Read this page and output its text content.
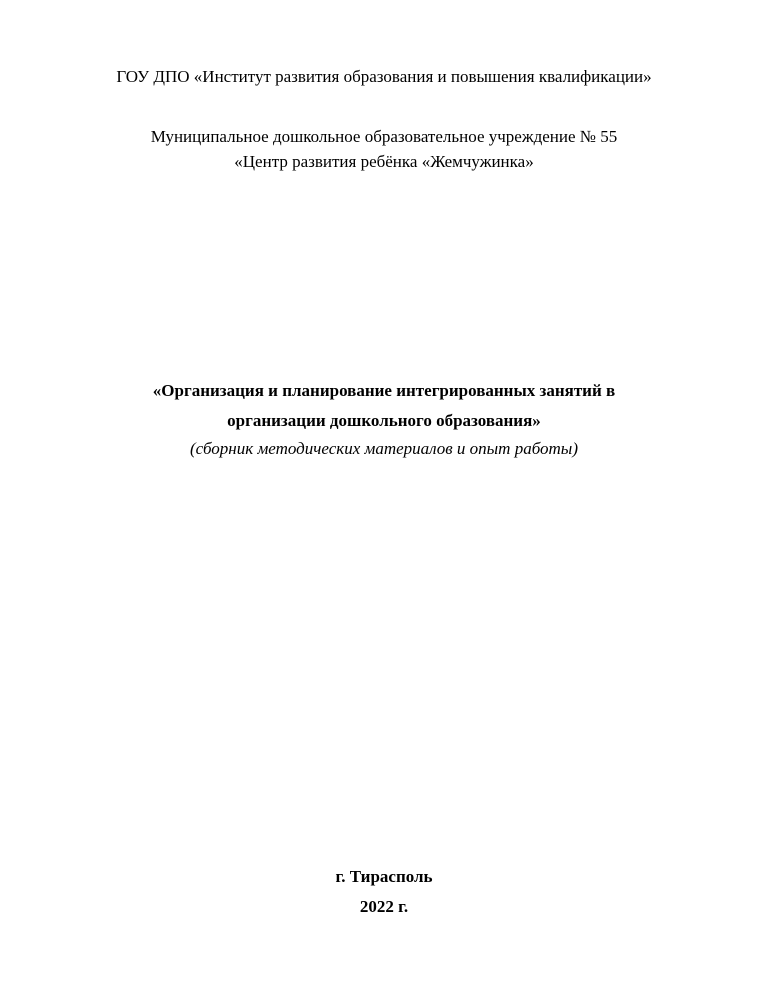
ГОУ ДПО «Институт развития образования и повышения квалификации»
Муниципальное дошкольное образовательное учреждение № 55
«Центр развития ребёнка «Жемчужинка»
«Организация и планирование интегрированных занятий в
организации дошкольного образования»
(сборник методических материалов и опыт работы)
г. Тирасполь
2022 г.
